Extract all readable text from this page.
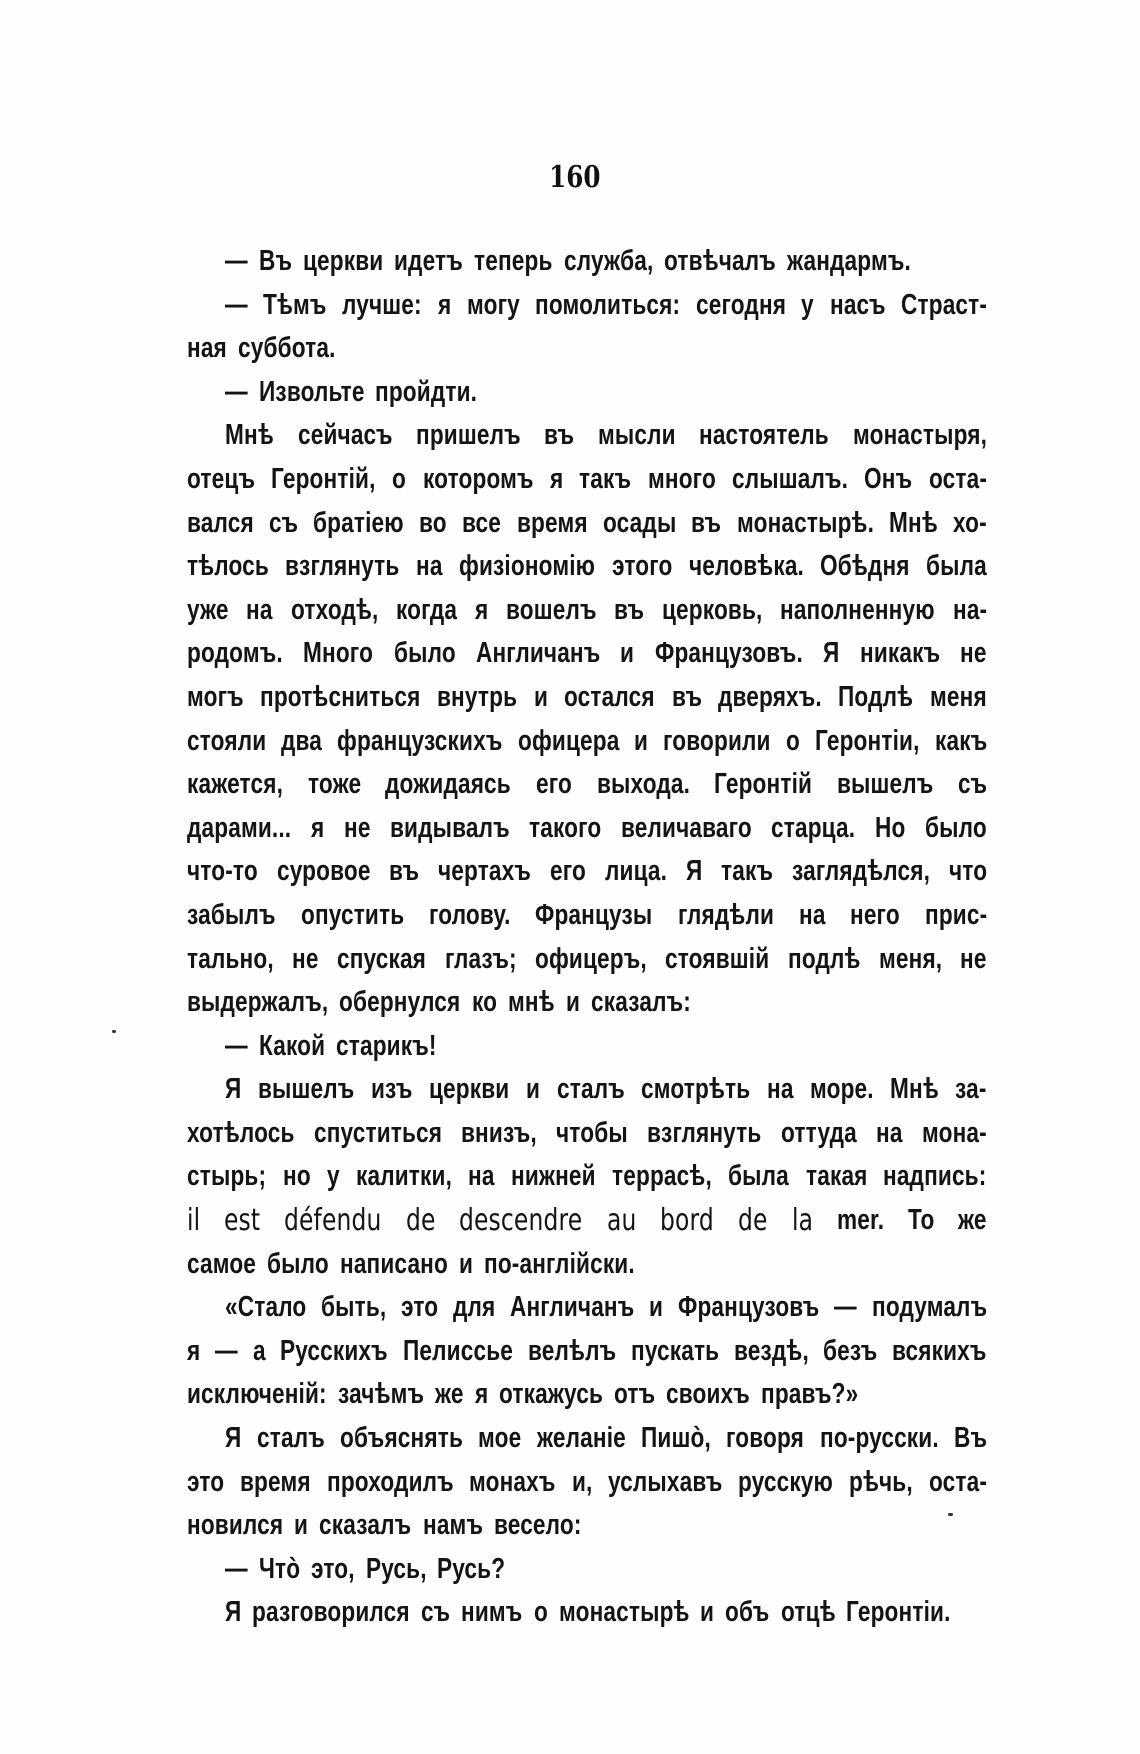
160
— Въ церкви идетъ теперь служба, отвѣчалъ жандармъ.
— Тѣмъ лучше: я могу помолиться: сегодня у насъ Страст-
ная суббота.
— Извольте пройдти.
Мнѣ сейчасъ пришелъ въ мысли настоятель монастыря,
отецъ Геронтій, о которомъ я такъ много слышалъ. Онъ оста-
вался съ братіею во все время осады въ монастырѣ. Мнѣ хо-
тѣлось взглянуть на физіономію этого человѣка. Обѣдня была
уже на отходѣ, когда я вошелъ въ церковь, наполненную на-
родомъ. Много было Англичанъ и Французовъ. Я никакъ не
могъ протѣсниться внутрь и остался въ дверяхъ. Подлѣ меня
стояли два французскихъ офицера и говорили о Геронтіи, какъ
кажется, тоже дожидаясь его выхода. Геронтій вышелъ съ
дарами... я не видывалъ такого величаваго старца. Но было
что-то суровое въ чертахъ его лица. Я такъ заглядѣлся, что
забылъ опустить голову. Французы глядѣли на него прис-
тально, не спуская глазъ; офицеръ, стоявшій подлѣ меня, не
выдержалъ, обернулся ко мнѣ и сказалъ:
— Какой старикъ!
Я вышелъ изъ церкви и сталъ смотрѣть на море. Мнѣ за-
хотѣлось спуститься внизъ, чтобы взглянуть оттуда на мона-
стырь; но у калитки, на нижней террасѣ, была такая надпись:
il est défendu de descendre au bord de la mer. То же
самое было написано и по-англійски.
«Стало быть, это для Англичанъ и Французовъ — подумалъ
я — а Русскихъ Пелиссье велѣлъ пускать вездѣ, безъ всякихъ
исключеній: зачѣмъ же я откажусь отъ своихъ правъ?»
Я сталъ объяснять мое желаніе Пишò, говоря по-русски. Въ
это время проходилъ монахъ и, услыхавъ русскую рѣчь, оста-
новился и сказалъ намъ весело:
— Чтò это, Русь, Русь?
Я разговорился съ нимъ о монастырѣ и объ отцѣ Геронтіи.
